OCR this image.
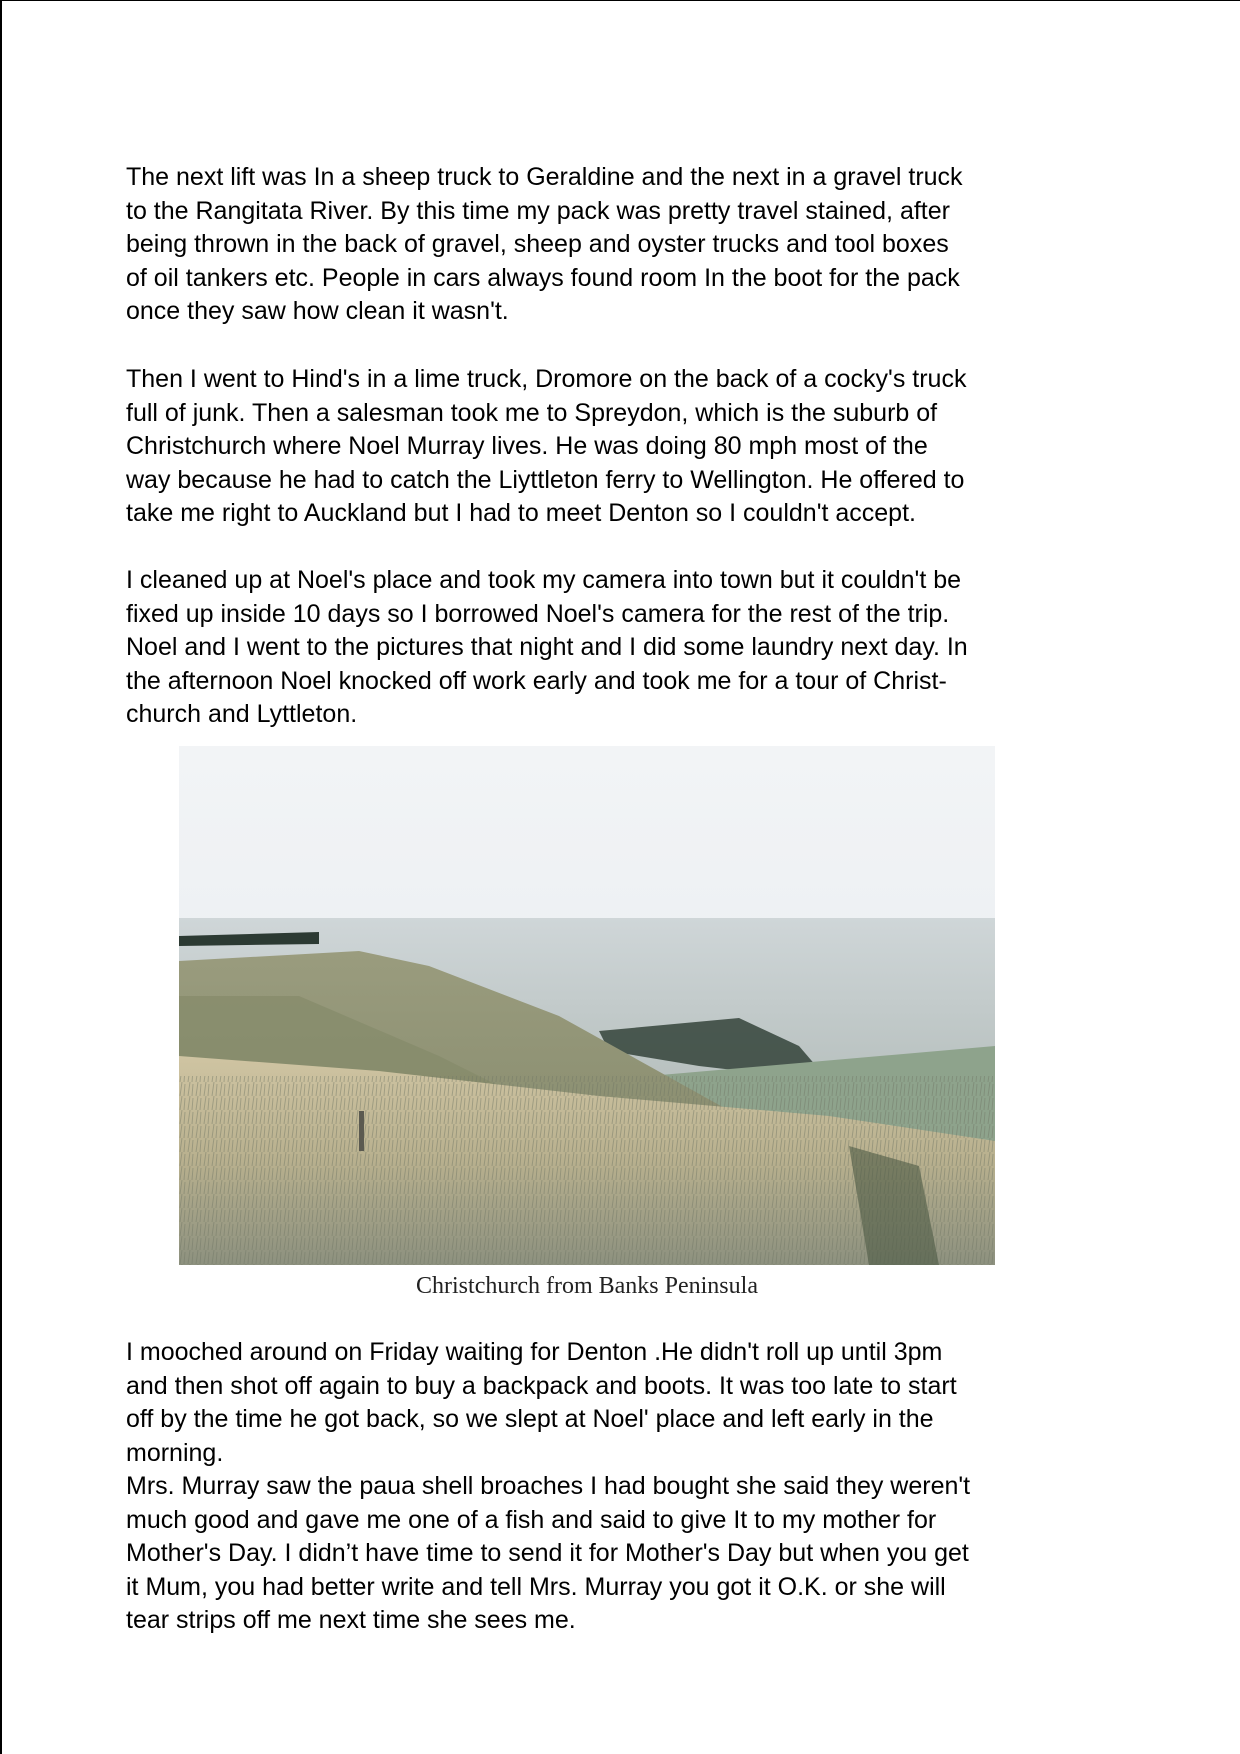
The next lift was In a sheep truck to Geraldine and the next in a gravel truck
to the Rangitata River. By this time my pack was pretty travel stained, after
being thrown in the back of gravel, sheep and oyster trucks and tool boxes
of oil tankers etc. People in cars always found room In the boot for the pack
once they saw how clean it wasn't.
Then I went to Hind's in a lime truck, Dromore on the back of a cocky's truck
full of junk. Then a salesman took me to Spreydon, which is the suburb of
Christchurch where Noel Murray lives. He was doing 80 mph most of the
way because he had to catch the Liyttleton ferry to Wellington. He offered to
take me right to Auckland but I had to meet Denton so I couldn't accept.
I cleaned up at Noel's place and took my camera into town but it couldn't be
fixed up inside 10 days so I borrowed Noel's camera for the rest of the trip.
Noel and I went to the pictures that night and I did some laundry next day. In
the afternoon Noel knocked off work early and took me for a tour of Christ-
church and Lyttleton.
Christchurch from Banks Peninsula
I mooched around on Friday waiting for Denton .He didn't roll up until 3pm
and then shot off again to buy a backpack and boots. It was too late to start
off by the time he got back, so we slept at Noel' place and left early in the
morning.
Mrs. Murray saw the paua shell broaches I had bought she said they weren't
much good and gave me one of a fish and said to give It to my mother for
Mother's Day. I didn’t have time to send it for Mother's Day but when you get
it Mum, you had better write and tell Mrs. Murray you got it O.K. or she will
tear strips off me next time she sees me.
